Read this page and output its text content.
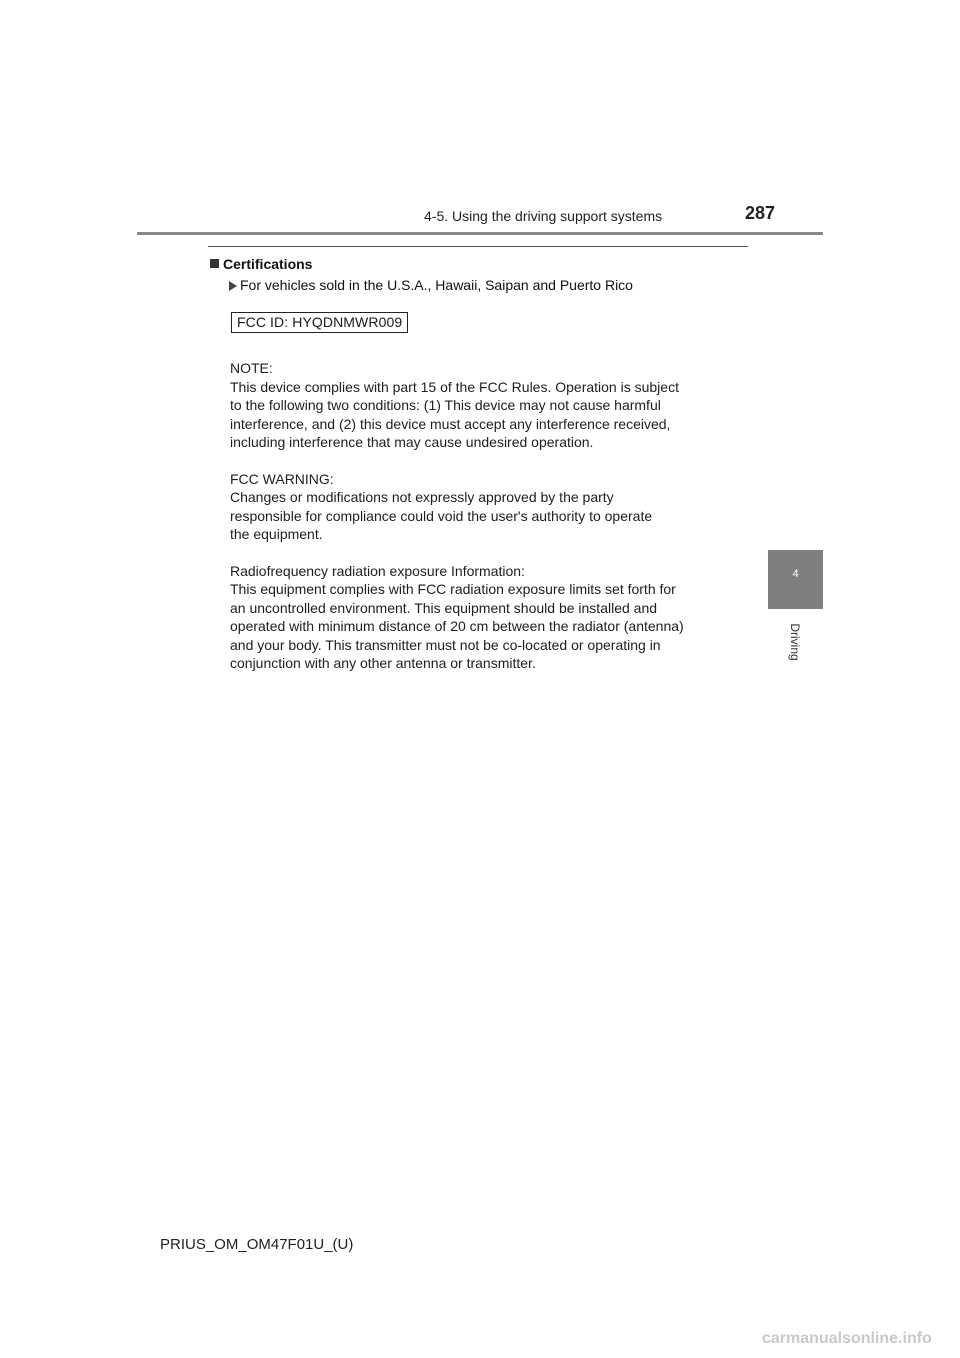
4-5. Using the driving support systems	287
4
Driving
Certifications
For vehicles sold in the U.S.A., Hawaii, Saipan and Puerto Rico
FCC ID: HYQDNMWR009

NOTE:
This device complies with part 15 of the FCC Rules. Operation is subject
to the following two conditions: (1) This device may not cause harmful
interference, and (2) this device must accept any interference received,
including interference that may cause undesired operation.

FCC WARNING:
Changes or modifications not expressly approved by the party
responsible for compliance could void the user's authority to operate
the equipment.

Radiofrequency radiation exposure Information:
This equipment complies with FCC radiation exposure limits set forth for
an uncontrolled environment. This equipment should be installed and
operated with minimum distance of 20 cm between the radiator (antenna)
and your body. This transmitter must not be co-located or operating in
conjunction with any other antenna or transmitter.

PRIUS_OM_OM47F01U_(U)
carmanualsonline.info
